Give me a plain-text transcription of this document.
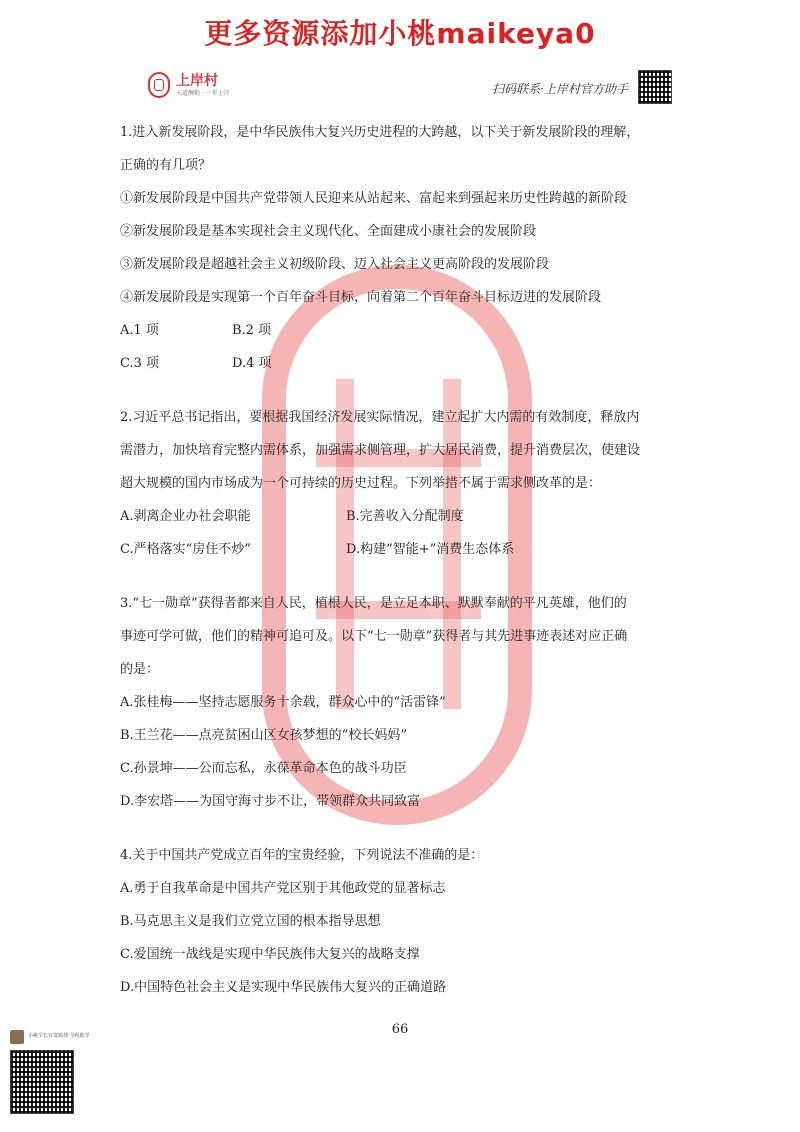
更多资源添加小桃maikeya0
上岸村
天道酬勤 · 一年上岸	扫码联系·上岸村官方助手
1.进入新发展阶段，是中华民族伟大复兴历史进程的大跨越，以下关于新发展阶段的理解，
正确的有几项？
①新发展阶段是中国共产党带领人民迎来从站起来、富起来到强起来历史性跨越的新阶段
②新发展阶段是基本实现社会主义现代化、全面建成小康社会的发展阶段
③新发展阶段是超越社会主义初级阶段、迈入社会主义更高阶段的发展阶段
④新发展阶段是实现第一个百年奋斗目标，向着第二个百年奋斗目标迈进的发展阶段
A.1 项	B.2 项
C.3 项	D.4 项
2.习近平总书记指出，要根据我国经济发展实际情况，建立起扩大内需的有效制度，释放内
需潜力，加快培育完整内需体系，加强需求侧管理，扩大居民消费，提升消费层次，使建设
超大规模的国内市场成为一个可持续的历史过程。下列举措不属于需求侧改革的是：
A.剥离企业办社会职能	B.完善收入分配制度
C.严格落实“房住不炒”	D.构建“智能+”消费生态体系
3.“七一勋章”获得者都来自人民，植根人民，是立足本职、默默奉献的平凡英雄，他们的
事迹可学可做，他们的精神可追可及。以下“七一勋章”获得者与其先进事迹表述对应正确
的是：
A.张桂梅——坚持志愿服务十余载，群众心中的“活雷锋”
B.王兰花——点亮贫困山区女孩梦想的“校长妈妈”
C.孙景坤——公而忘私，永葆革命本色的战斗功臣
D.李宏塔——为国守海寸步不让，带领群众共同致富
4.关于中国共产党成立百年的宝贵经验，下列说法不准确的是：
A.勇于自我革命是中国共产党区别于其他政党的显著标志
B.马克思主义是我们立党立国的根本指导思想
C.爱国统一战线是实现中华民族伟大复兴的战略支撑
D.中国特色社会主义是实现中华民族伟大复兴的正确道路
66
小桃学长有资源找 全程助学
